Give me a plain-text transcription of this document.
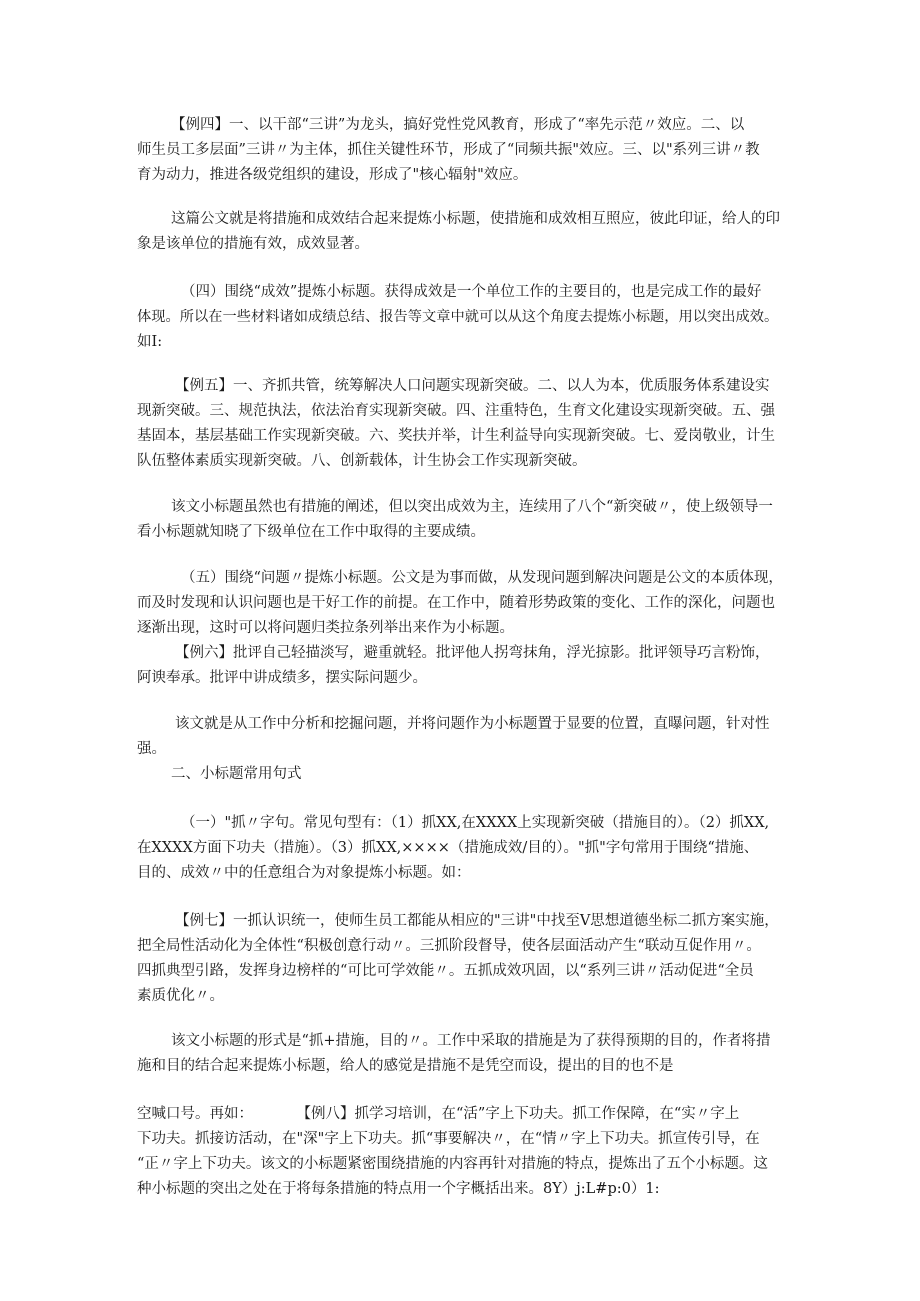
【例四】一、以干部“三讲”为龙头，搞好党性党风教育，形成了“率先示范〃效应。二、以
师生员工多层面”三讲〃为主体，抓住关键性环节，形成了“同频共振"效应。三、以"系列三讲〃教
育为动力，推进各级党组织的建设，形成了"核心辐射"效应。

这篇公文就是将措施和成效结合起来提炼小标题，使措施和成效相互照应，彼此印证，给人的印
象是该单位的措施有效，成效显著。

（四）围绕“成效”提炼小标题。获得成效是一个单位工作的主要目的，也是完成工作的最好
体现。所以在一些材料诸如成绩总结、报告等文章中就可以从这个角度去提炼小标题，用以突出成效。
如I:

【例五】一、齐抓共管，统筹解决人口问题实现新突破。二、以人为本，优质服务体系建设实
现新突破。三、规范执法，依法治育实现新突破。四、注重特色，生育文化建设实现新突破。五、强
基固本，基层基础工作实现新突破。六、奖扶并举，计生利益导向实现新突破。七、爱岗敬业，计生
队伍整体素质实现新突破。八、创新载体，计生协会工作实现新突破。

该文小标题虽然也有措施的阐述，但以突出成效为主，连续用了八个“新突破〃，使上级领导一
看小标题就知晓了下级单位在工作中取得的主要成绩。

（五）围绕“问题〃提炼小标题。公文是为事而做，从发现问题到解决问题是公文的本质体现，
而及时发现和认识问题也是干好工作的前提。在工作中，随着形势政策的变化、工作的深化，问题也
逐渐出现，这时可以将问题归类拉条列举出来作为小标题。

【例六】批评自己轻描淡写，避重就轻。批评他人拐弯抹角，浮光掠影。批评领导巧言粉饰，
阿谀奉承。批评中讲成绩多，摆实际问题少。

该文就是从工作中分析和挖掘问题，并将问题作为小标题置于显要的位置，直曝问题，针对性
强。

二、小标题常用句式

（一）"抓〃字句。常见句型有：（1）抓XX,在XXXX上实现新突破（措施目的）。（2）抓XX,
在XXXX方面下功夫（措施）。（3）抓XX,××××（措施成效/目的）。"抓"字句常用于围绕“措施、
目的、成效〃中的任意组合为对象提炼小标题。如：

【例七】一抓认识统一，使师生员工都能从相应的"三讲"中找至V思想道德坐标二抓方案实施，
把全局性活动化为全体性“积极创意行动〃。三抓阶段督导，使各层面活动产生“联动互促作用〃。
四抓典型引路，发挥身边榜样的“可比可学效能〃。五抓成效巩固，以“系列三讲〃活动促进“全员
素质优化〃。

该文小标题的形式是“抓+措施，目的〃。工作中采取的措施是为了获得预期的目的，作者将措
施和目的结合起来提炼小标题，给人的感觉是措施不是凭空而设，提出的目的也不是

空喊口号。再如：　　　　【例八】抓学习培训，在“活”字上下功夫。抓工作保障，在“实〃字上
下功夫。抓接访活动，在"深"字上下功夫。抓“事要解决〃，在“情〃字上下功夫。抓宣传引导，在
“正〃字上下功夫。该文的小标题紧密围绕措施的内容再针对措施的特点，提炼出了五个小标题。这
种小标题的突出之处在于将每条措施的特点用一个字概括出来。8Y）j:L#p:0）1:
